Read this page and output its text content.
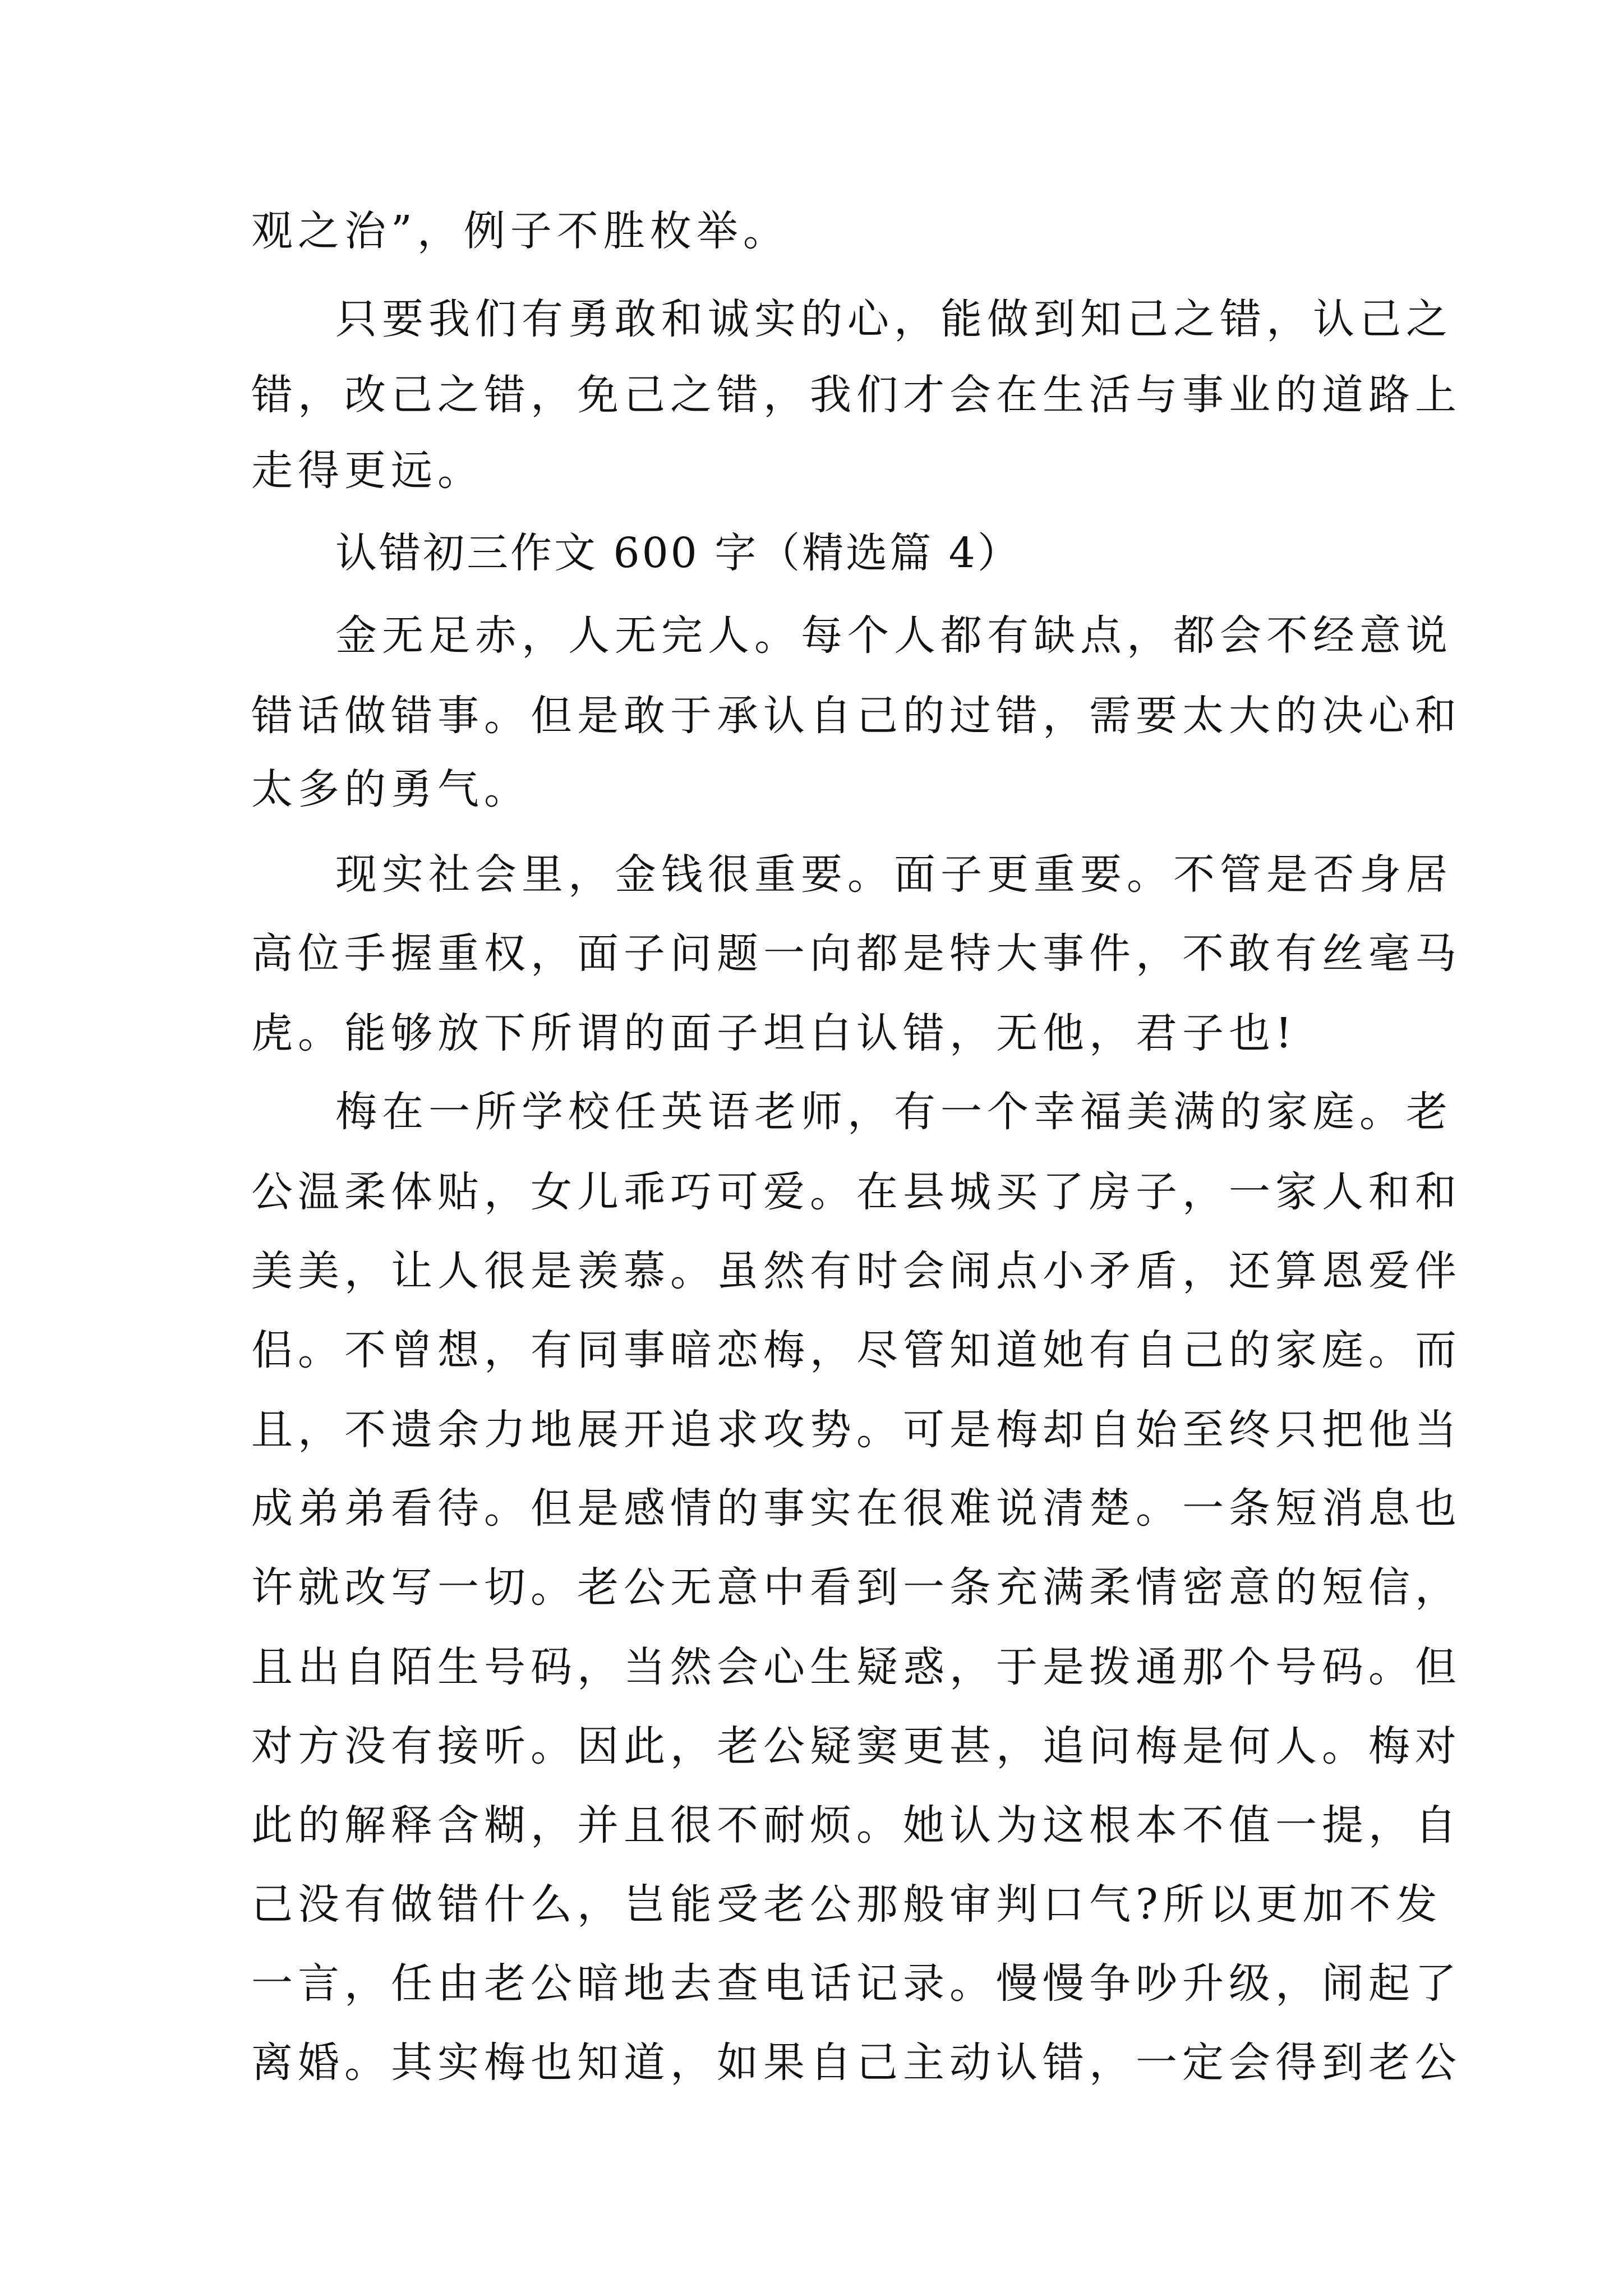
观之治”，例子不胜枚举。
只要我们有勇敢和诚实的心，能做到知己之错，认己之
错，改己之错，免己之错，我们才会在生活与事业的道路上
走得更远。
认错初三作文 600 字（精选篇 4）
金无足赤，人无完人。每个人都有缺点，都会不经意说
错话做错事。但是敢于承认自己的过错，需要太大的决心和
太多的勇气。
现实社会里，金钱很重要。面子更重要。不管是否身居
高位手握重权，面子问题一向都是特大事件，不敢有丝毫马
虎。能够放下所谓的面子坦白认错，无他，君子也!
梅在一所学校任英语老师，有一个幸福美满的家庭。老
公温柔体贴，女儿乖巧可爱。在县城买了房子，一家人和和
美美，让人很是羡慕。虽然有时会闹点小矛盾，还算恩爱伴
侣。不曾想，有同事暗恋梅，尽管知道她有自己的家庭。而
且，不遗余力地展开追求攻势。可是梅却自始至终只把他当
成弟弟看待。但是感情的事实在很难说清楚。一条短消息也
许就改写一切。老公无意中看到一条充满柔情密意的短信，
且出自陌生号码，当然会心生疑惑，于是拨通那个号码。但
对方没有接听。因此，老公疑窦更甚，追问梅是何人。梅对
此的解释含糊，并且很不耐烦。她认为这根本不值一提，自
己没有做错什么，岂能受老公那般审判口气?所以更加不发
一言，任由老公暗地去查电话记录。慢慢争吵升级，闹起了
离婚。其实梅也知道，如果自己主动认错，一定会得到老公
